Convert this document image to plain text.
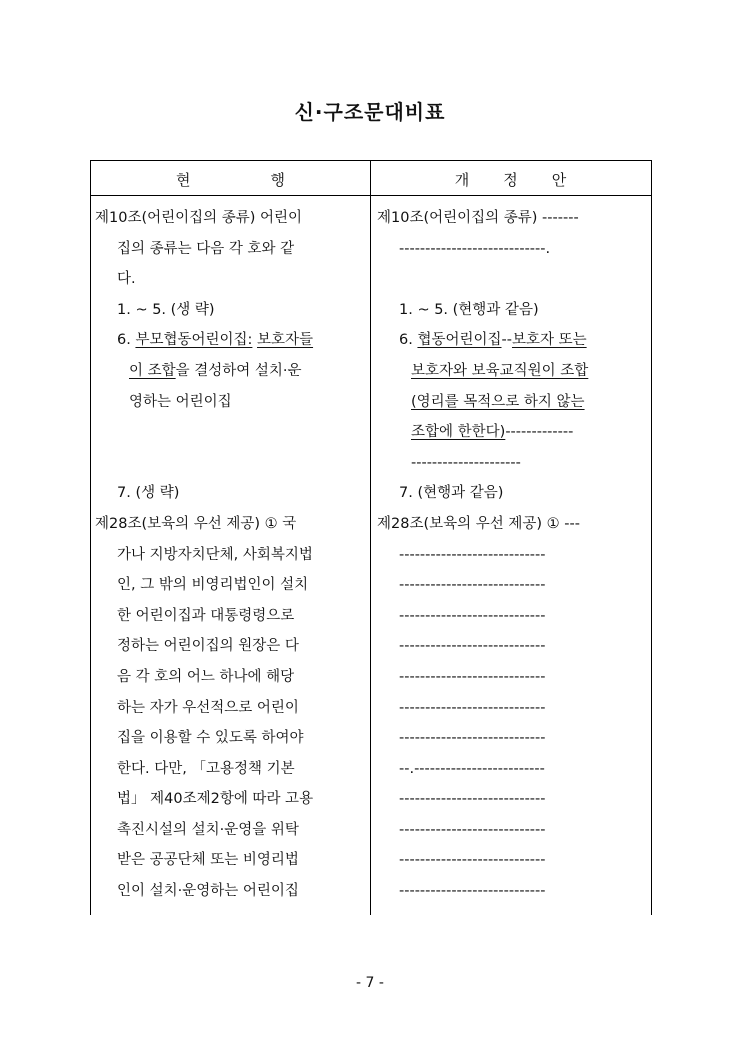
신·구조문대비표
현	행	개 정 안
제10조(어린이집의 종류) 어린이
집의 종류는 다음 각 호와 같
다.
1. ~ 5. (생 략)
6. 부모협동어린이집: 보호자들
이 조합을 결성하여 설치·운
영하는 어린이집
7. (생 략)
제28조(보육의 우선 제공) ① 국
가나 지방자치단체, 사회복지법
인, 그 밖의 비영리법인이 설치
한 어린이집과 대통령령으로
정하는 어린이집의 원장은 다
음 각 호의 어느 하나에 해당
하는 자가 우선적으로 어린이
집을 이용할 수 있도록 하여야
한다. 다만, 「고용정책 기본
법」 제40조제2항에 따라 고용
촉진시설의 설치·운영을 위탁
받은 공공단체 또는 비영리법
인이 설치·운영하는 어린이집
제10조(어린이집의 종류) -------
----------------------------.
1. ~ 5. (현행과 같음)
6. 협동어린이집--보호자 또는
보호자와 보육교직원이 조합
(영리를 목적으로 하지 않는
조합에 한한다)-------------
---------------------
7. (현행과 같음)
제28조(보육의 우선 제공) ① ---
----------------------------
----------------------------
----------------------------
----------------------------
----------------------------
----------------------------
----------------------------
--.-------------------------
----------------------------
----------------------------
----------------------------
----------------------------
- 7 -
